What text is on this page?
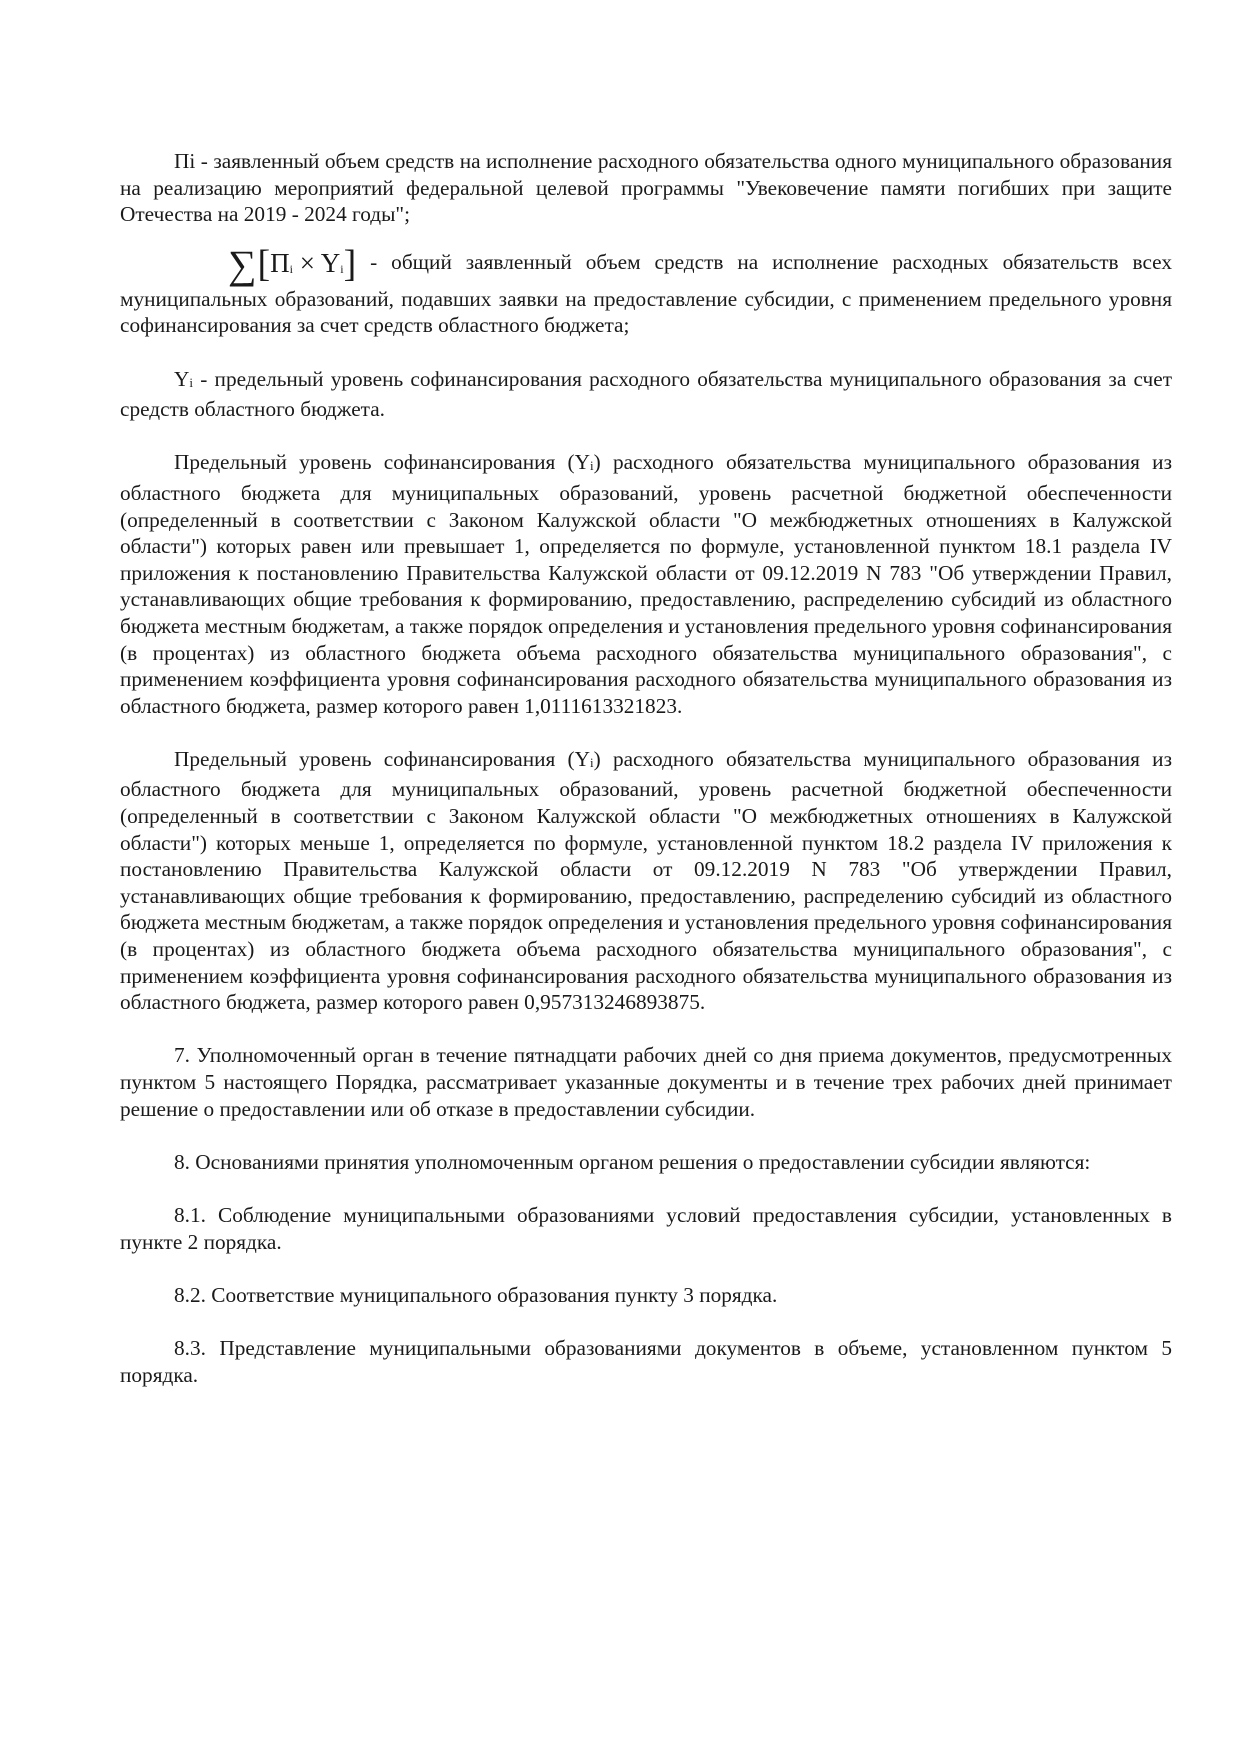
Пi - заявленный объем средств на исполнение расходного обязательства одного муниципального образования на реализацию мероприятий федеральной целевой программы "Увековечение памяти погибших при защите Отечества на 2019 - 2024 годы";

$\sum[П_i \times Y_i]$ - общий заявленный объем средств на исполнение расходных обязательств всех муниципальных образований, подавших заявки на предоставление субсидии, с применением предельного уровня софинансирования за счет средств областного бюджета;

$Y_i$ - предельный уровень софинансирования расходного обязательства муниципального образования за счет средств областного бюджета.

Предельный уровень софинансирования $(Y_i)$ расходного обязательства муниципального образования из областного бюджета для муниципальных образований, уровень расчетной бюджетной обеспеченности (определенный в соответствии с Законом Калужской области "О межбюджетных отношениях в Калужской области") которых равен или превышает 1, определяется по формуле, установленной пунктом 18.1 раздела IV приложения к постановлению Правительства Калужской области от 09.12.2019 N 783 "Об утверждении Правил, устанавливающих общие требования к формированию, предоставлению, распределению субсидий из областного бюджета местным бюджетам, а также порядок определения и установления предельного уровня софинансирования (в процентах) из областного бюджета объема расходного обязательства муниципального образования", с применением коэффициента уровня софинансирования расходного обязательства муниципального образования из областного бюджета, размер которого равен 1,0111613321823.

Предельный уровень софинансирования $(Y_i)$ расходного обязательства муниципального образования из областного бюджета для муниципальных образований, уровень расчетной бюджетной обеспеченности (определенный в соответствии с Законом Калужской области "О межбюджетных отношениях в Калужской области") которых меньше 1, определяется по формуле, установленной пунктом 18.2 раздела IV приложения к постановлению Правительства Калужской области от 09.12.2019 N 783 "Об утверждении Правил, устанавливающих общие требования к формированию, предоставлению, распределению субсидий из областного бюджета местным бюджетам, а также порядок определения и установления предельного уровня софинансирования (в процентах) из областного бюджета объема расходного обязательства муниципального образования", с применением коэффициента уровня софинансирования расходного обязательства муниципального образования из областного бюджета, размер которого равен 0,957313246893875.

7. Уполномоченный орган в течение пятнадцати рабочих дней со дня приема документов, предусмотренных пунктом 5 настоящего Порядка, рассматривает указанные документы и в течение трех рабочих дней принимает решение о предоставлении или об отказе в предоставлении субсидии.

8. Основаниями принятия уполномоченным органом решения о предоставлении субсидии являются:

8.1. Соблюдение муниципальными образованиями условий предоставления субсидии, установленных в пункте 2 порядка.

8.2. Соответствие муниципального образования пункту 3 порядка.

8.3. Представление муниципальными образованиями документов в объеме, установленном пунктом 5 порядка.
